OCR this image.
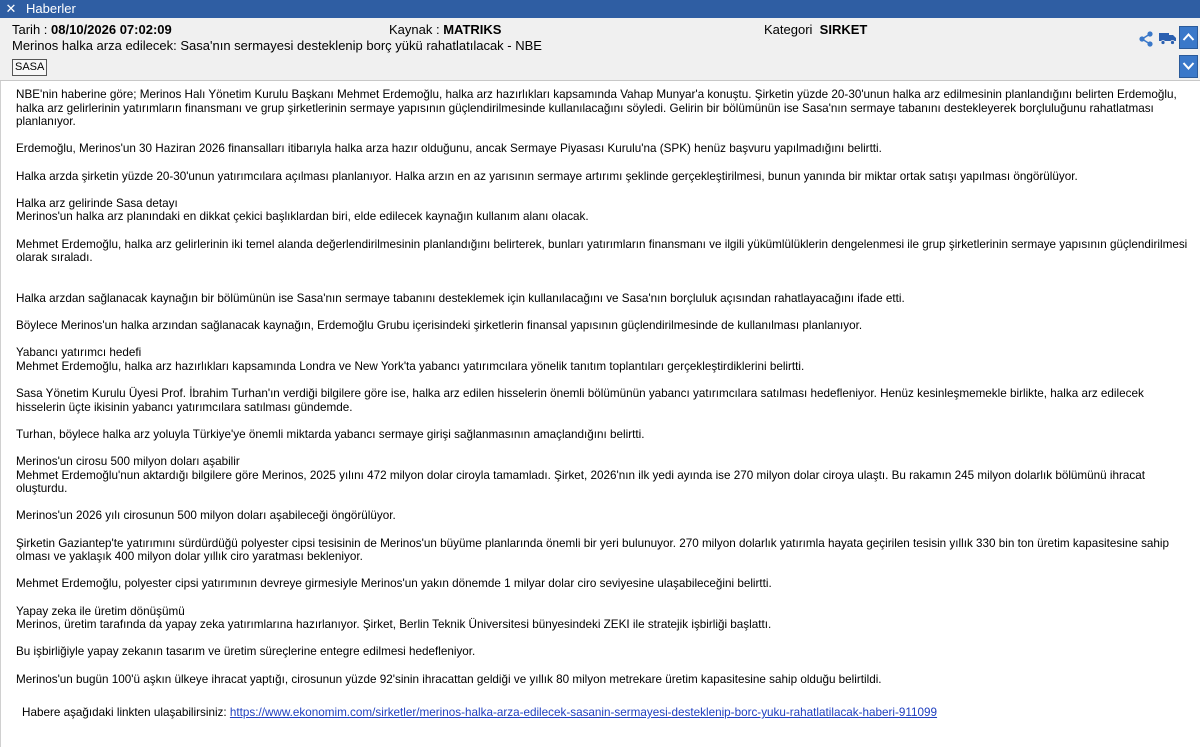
✕ Haberler
Tarih : 08/10/2026 07:02:09	Kaynak : MATRIKS	Kategori SIRKET
Merinos halka arza edilecek: Sasa'nın sermayesi desteklenip borç yükü rahatlatılacak - NBE
SASA

NBE'nin haberine göre; Merinos Halı Yönetim Kurulu Başkanı Mehmet Erdemoğlu, halka arz hazırlıkları kapsamında Vahap Munyar'a konuştu. Şirketin yüzde 20-30'unun halka arz edilmesinin planlandığını belirten Erdemoğlu, halka arz gelirlerinin yatırımların finansmanı ve grup şirketlerinin sermaye yapısının güçlendirilmesinde kullanılacağını söyledi. Gelirin bir bölümünün ise Sasa'nın sermaye tabanını destekleyerek borçluluğunu rahatlatması planlanıyor.

Erdemoğlu, Merinos'un 30 Haziran 2026 finansalları itibarıyla halka arza hazır olduğunu, ancak Sermaye Piyasası Kurulu'na (SPK) henüz başvuru yapılmadığını belirtti.

Halka arzda şirketin yüzde 20-30'unun yatırımcılara açılması planlanıyor. Halka arzın en az yarısının sermaye artırımı şeklinde gerçekleştirilmesi, bunun yanında bir miktar ortak satışı yapılması öngörülüyor.

Halka arz gelirinde Sasa detayı

Merinos'un halka arz planındaki en dikkat çekici başlıklardan biri, elde edilecek kaynağın kullanım alanı olacak.

Mehmet Erdemoğlu, halka arz gelirlerinin iki temel alanda değerlendirilmesinin planlandığını belirterek, bunları yatırımların finansmanı ve ilgili yükümlülüklerin dengelenmesi ile grup şirketlerinin sermaye yapısının güçlendirilmesi olarak sıraladı.

Halka arzdan sağlanacak kaynağın bir bölümünün ise Sasa'nın sermaye tabanını desteklemek için kullanılacağını ve Sasa'nın borçluluk açısından rahatlayacağını ifade etti.

Böylece Merinos'un halka arzından sağlanacak kaynağın, Erdemoğlu Grubu içerisindeki şirketlerin finansal yapısının güçlendirilmesinde de kullanılması planlanıyor.

Yabancı yatırımcı hedefi

Mehmet Erdemoğlu, halka arz hazırlıkları kapsamında Londra ve New York'ta yabancı yatırımcılara yönelik tanıtım toplantıları gerçekleştirdiklerini belirtti.

Sasa Yönetim Kurulu Üyesi Prof. İbrahim Turhan'ın verdiği bilgilere göre ise, halka arz edilen hisselerin önemli bölümünün yabancı yatırımcılara satılması hedefleniyor. Henüz kesinleşmemekle birlikte, halka arz edilecek hisselerin üçte ikisinin yabancı yatırımcılara satılması gündemde.

Turhan, böylece halka arz yoluyla Türkiye'ye önemli miktarda yabancı sermaye girişi sağlanmasının amaçlandığını belirtti.

Merinos'un cirosu 500 milyon doları aşabilir

Mehmet Erdemoğlu'nun aktardığı bilgilere göre Merinos, 2025 yılını 472 milyon dolar ciroyla tamamladı. Şirket, 2026'nın ilk yedi ayında ise 270 milyon dolar ciroya ulaştı. Bu rakamın 245 milyon dolarlık bölümünü ihracat oluşturdu.

Merinos'un 2026 yılı cirosunun 500 milyon doları aşabileceği öngörülüyor.

Şirketin Gaziantep'te yatırımını sürdürdüğü polyester cipsi tesisinin de Merinos'un büyüme planlarında önemli bir yeri bulunuyor. 270 milyon dolarlık yatırımla hayata geçirilen tesisin yıllık 330 bin ton üretim kapasitesine sahip olması ve yaklaşık 400 milyon dolar yıllık ciro yaratması bekleniyor.

Mehmet Erdemoğlu, polyester cipsi yatırımının devreye girmesiyle Merinos'un yakın dönemde 1 milyar dolar ciro seviyesine ulaşabileceğini belirtti.

Yapay zeka ile üretim dönüşümü

Merinos, üretim tarafında da yapay zeka yatırımlarına hazırlanıyor. Şirket, Berlin Teknik Üniversitesi bünyesindeki ZEKI ile stratejik işbirliği başlattı.

Bu işbirliğiyle yapay zekanın tasarım ve üretim süreçlerine entegre edilmesi hedefleniyor.

Merinos'un bugün 100'ü aşkın ülkeye ihracat yaptığı, cirosunun yüzde 92'sinin ihracattan geldiği ve yıllık 80 milyon metrekare üretim kapasitesine sahip olduğu belirtildi.

Habere aşağıdaki linkten ulaşabilirsiniz: https://www.ekonomim.com/sirketler/merinos-halka-arza-edilecek-sasanin-sermayesi-desteklenip-borc-yuku-rahatlatilacak-haberi-911099
